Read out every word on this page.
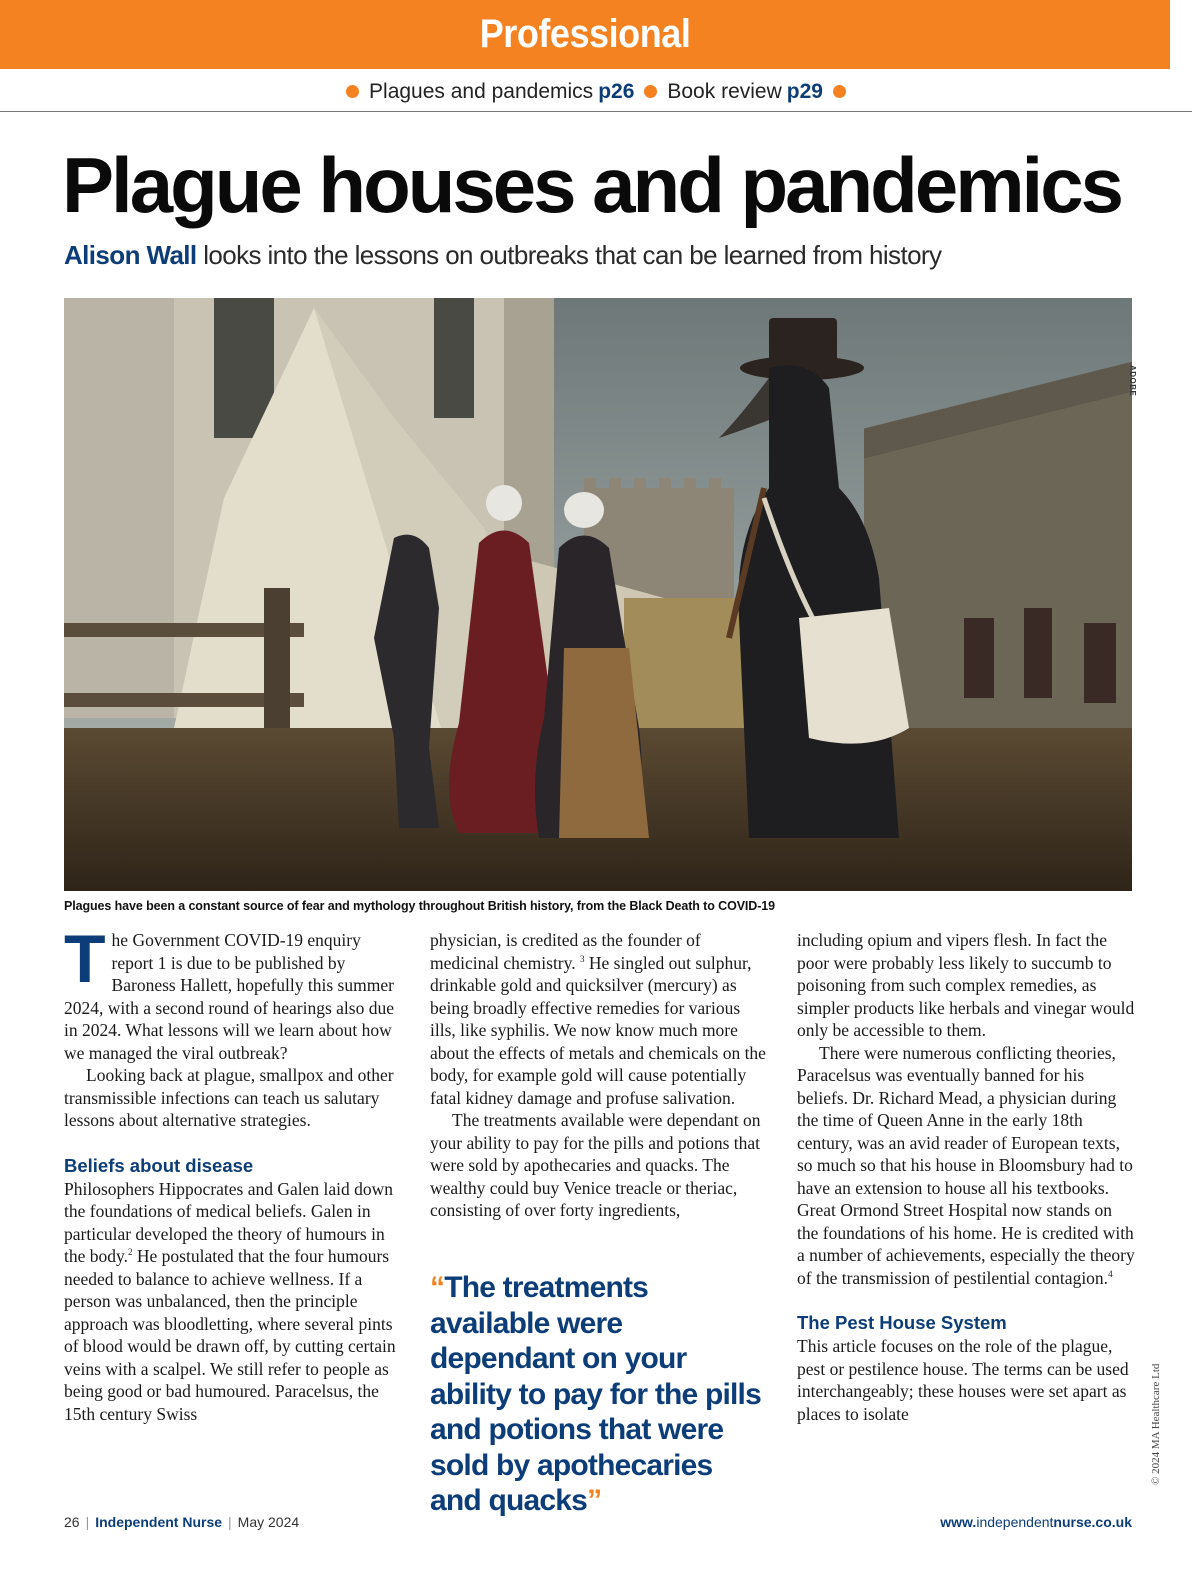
Professional
Plagues and pandemics p26 Book review p29
Plague houses and pandemics
Alison Wall looks into the lessons on outbreaks that can be learned from history
ADOBE
Plagues have been a constant source of fear and mythology throughout British history, from the Black Death to COVID-19
T he Government COVID-19 enquiry report 1 is due to be published by Baroness Hallett, hopefully this summer 2024, with a second round of hearings also due in 2024. What lessons will we learn about how we managed the viral outbreak?

Looking back at plague, smallpox and other transmissible infections can teach us salutary lessons about alternative strategies.

Beliefs about disease

Philosophers Hippocrates and Galen laid down the foundations of medical beliefs. Galen in particular developed the theory of humours in the body.$^2$ He postulated that the four humours needed to balance to achieve wellness. If a person was unbalanced, then the principle approach was bloodletting, where several pints of blood would be drawn off, by cutting certain veins with a scalpel. We still refer to people as being good or bad humoured. Paracelsus, the 15th century Swiss

physician, is credited as the founder of medicinal chemistry. $^3$ He singled out sulphur, drinkable gold and quicksilver (mercury) as being broadly effective remedies for various ills, like syphilis. We now know much more about the effects of metals and chemicals on the body, for example gold will cause potentially fatal kidney damage and profuse salivation.

The treatments available were dependant on your ability to pay for the pills and potions that were sold by apothecaries and quacks. The wealthy could buy Venice treacle or theriac, consisting of over forty ingredients,

“The treatments available were dependant on your ability to pay for the pills and potions that were sold by apothecaries and quacks”

including opium and vipers flesh. In fact the poor were probably less likely to succumb to poisoning from such complex remedies, as simpler products like herbals and vinegar would only be accessible to them.

There were numerous conflicting theories, Paracelsus was eventually banned for his beliefs. Dr. Richard Mead, a physician during the time of Queen Anne in the early 18th century, was an avid reader of European texts, so much so that his house in Bloomsbury had to have an extension to house all his textbooks. Great Ormond Street Hospital now stands on the foundations of his home. He is credited with a number of achievements, especially the theory of the transmission of pestilential contagion.$^4$

The Pest House System

This article focuses on the role of the plague, pest or pestilence house. The terms can be used interchangeably; these houses were set apart as places to isolate	© 2024 MA Healthcare Ltd
26 | Independent Nurse | May 2024	www.independentnurse.co.uk
